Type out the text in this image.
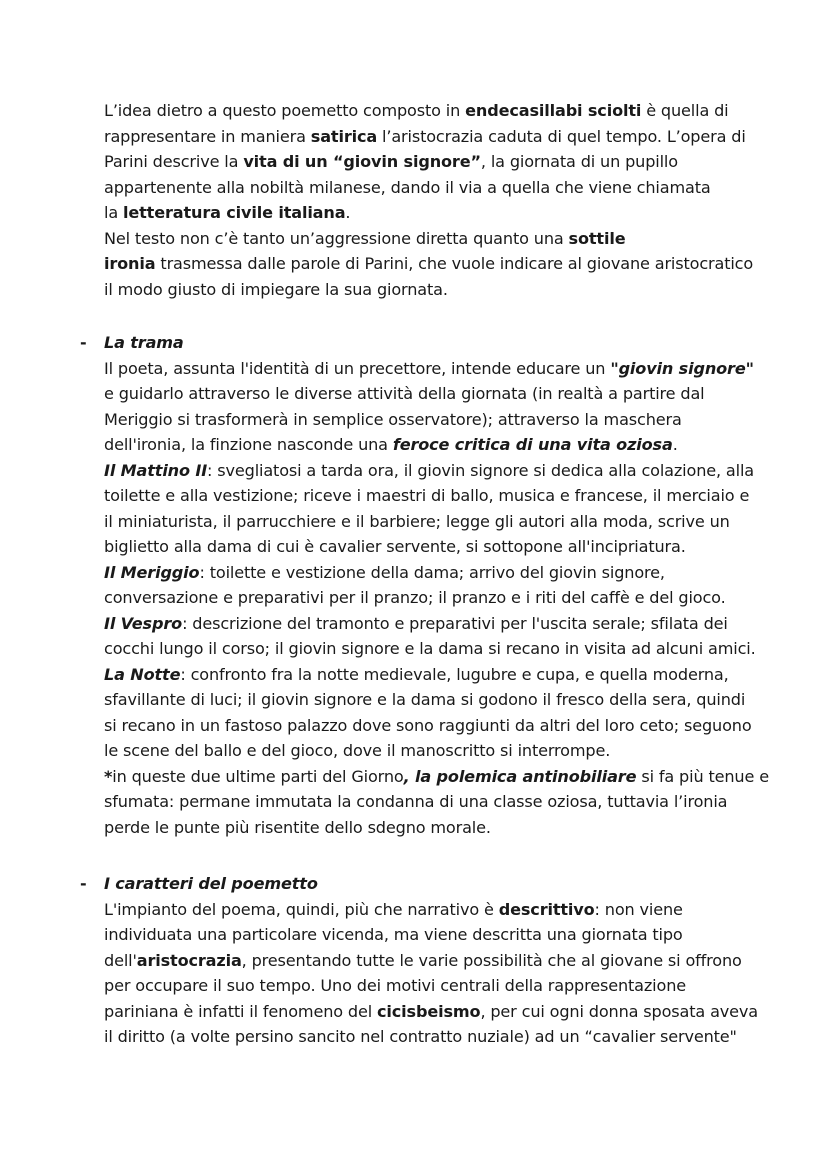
L’idea dietro a questo poemetto composto in endecasillabi sciolti è quella di
rappresentare in maniera satirica l’aristocrazia caduta di quel tempo. L’opera di
Parini descrive la vita di un “giovin signore”, la giornata di un pupillo
appartenente alla nobiltà milanese, dando il via a quella che viene chiamata
la letteratura civile italiana.
Nel testo non c’è tanto un’aggressione diretta quanto una sottile
ironia trasmessa dalle parole di Parini, che vuole indicare al giovane aristocratico
il modo giusto di impiegare la sua giornata.
- La trama
Il poeta, assunta l'identità di un precettore, intende educare un "giovin signore"
e guidarlo attraverso le diverse attività della giornata (in realtà a partire dal
Meriggio si trasformerà in semplice osservatore); attraverso la maschera
dell'ironia, la finzione nasconde una feroce critica di una vita oziosa.
Il Mattino II: svegliatosi a tarda ora, il giovin signore si dedica alla colazione, alla
toilette e alla vestizione; riceve i maestri di ballo, musica e francese, il merciaio e
il miniaturista, il parrucchiere e il barbiere; legge gli autori alla moda, scrive un
biglietto alla dama di cui è cavalier servente, si sottopone all'incipriatura.
Il Meriggio: toilette e vestizione della dama; arrivo del giovin signore,
conversazione e preparativi per il pranzo; il pranzo e i riti del caffè e del gioco.
Il Vespro: descrizione del tramonto e preparativi per l'uscita serale; sfilata dei
cocchi lungo il corso; il giovin signore e la dama si recano in visita ad alcuni amici.
La Notte: confronto fra la notte medievale, lugubre e cupa, e quella moderna,
sfavillante di luci; il giovin signore e la dama si godono il fresco della sera, quindi
si recano in un fastoso palazzo dove sono raggiunti da altri del loro ceto; seguono
le scene del ballo e del gioco, dove il manoscritto si interrompe.
*in queste due ultime parti del Giorno, la polemica antinobiliare si fa più tenue e
sfumata: permane immutata la condanna di una classe oziosa, tuttavia l’ironia
perde le punte più risentite dello sdegno morale.
- I caratteri del poemetto
L'impianto del poema, quindi, più che narrativo è descrittivo: non viene
individuata una particolare vicenda, ma viene descritta una giornata tipo
dell'aristocrazia, presentando tutte le varie possibilità che al giovane si offrono
per occupare il suo tempo. Uno dei motivi centrali della rappresentazione
pariniana è infatti il fenomeno del cicisbeismo, per cui ogni donna sposata aveva
il diritto (a volte persino sancito nel contratto nuziale) ad un “cavalier servente"
